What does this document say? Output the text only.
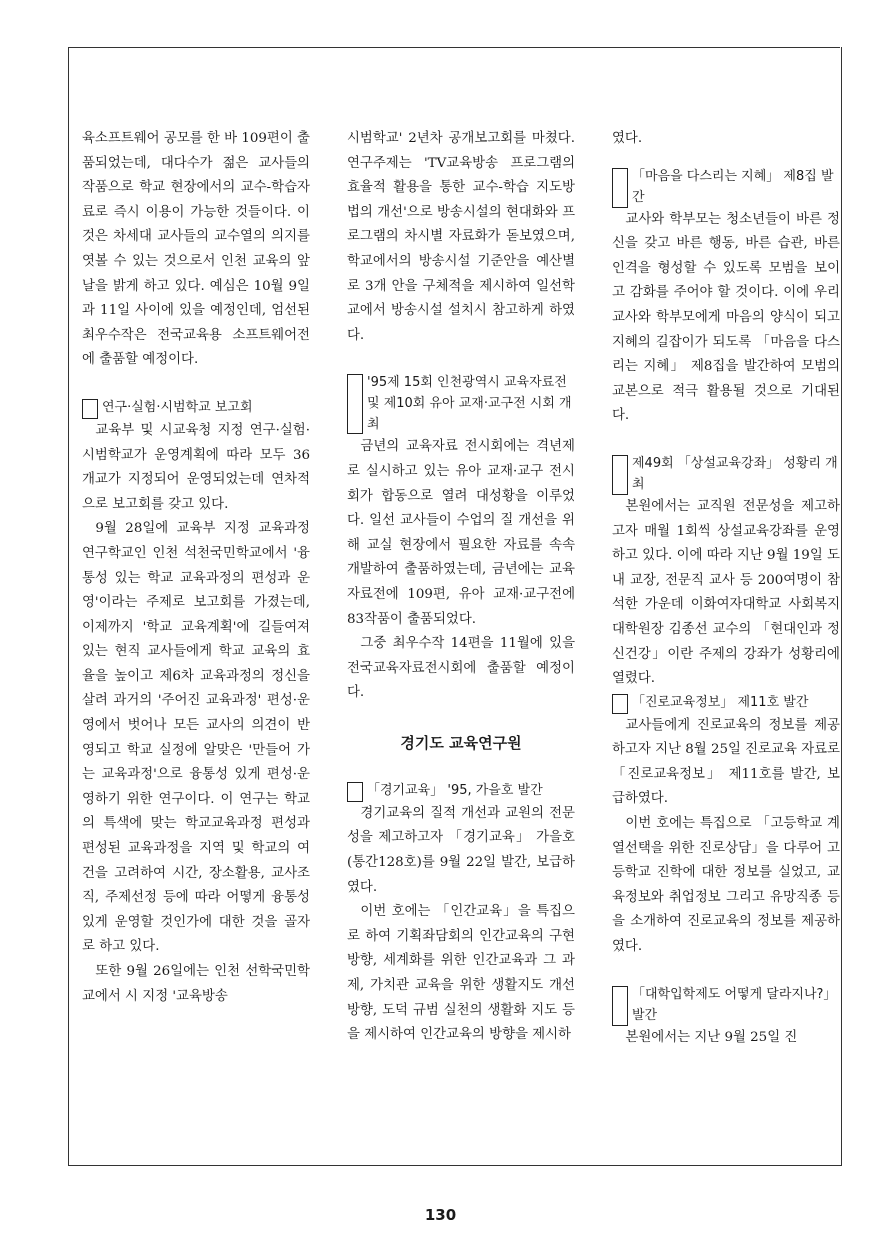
육소프트웨어 공모를 한 바 109편이 출품되었는데, 대다수가 젊은 교사들의 작품으로 학교 현장에서의 교수-학습자료로 즉시 이용이 가능한 것들이다. 이것은 차세대 교사들의 교수열의 의지를 엿볼 수 있는 것으로서 인천 교육의 앞날을 밝게 하고 있다. 예심은 10월 9일과 11일 사이에 있을 예정인데, 엄선된 최우수작은 전국교육용 소프트웨어전에 출품할 예정이다.

연구·실험·시범학교 보고회

교육부 및 시교육청 지정 연구·실험·시범학교가 운영계획에 따라 모두 36개교가 지정되어 운영되었는데 연차적으로 보고회를 갖고 있다.

9월 28일에 교육부 지정 교육과정 연구학교인 인천 석천국민학교에서 '융통성 있는 학교 교육과정의 편성과 운영'이라는 주제로 보고회를 가졌는데, 이제까지 '학교 교육계획'에 길들여져 있는 현직 교사들에게 학교 교육의 효율을 높이고 제6차 교육과정의 정신을 살려 과거의 '주어진 교육과정' 편성·운영에서 벗어나 모든 교사의 의견이 반영되고 학교 실정에 알맞은 '만들어 가는 교육과정'으로 융통성 있게 편성·운영하기 위한 연구이다. 이 연구는 학교의 특색에 맞는 학교교육과정 편성과 편성된 교육과정을 지역 및 학교의 여건을 고려하여 시간, 장소활용, 교사조직, 주제선정 등에 따라 어떻게 융통성 있게 운영할 것인가에 대한 것을 골자로 하고 있다.

또한 9월 26일에는 인천 선학국민학교에서 시 지정 '교육방송

시범학교' 2년차 공개보고회를 마쳤다. 연구주제는 'TV교육방송 프로그램의 효율적 활용을 통한 교수-학습 지도방법의 개선'으로 방송시설의 현대화와 프로그램의 차시별 자료화가 돋보였으며, 학교에서의 방송시설 기준안을 예산별로 3개 안을 구체적을 제시하여 일선학교에서 방송시설 설치시 참고하게 하였다.

'95제 15회 인천광역시 교육자료전 및 제10회 유아 교재·교구전 시회 개최

금년의 교육자료 전시회에는 격년제로 실시하고 있는 유아 교재·교구 전시회가 합동으로 열려 대성황을 이루었다. 일선 교사들이 수업의 질 개선을 위해 교실 현장에서 필요한 자료를 속속 개발하여 출품하였는데, 금년에는 교육자료전에 109편, 유아 교재·교구전에 83작품이 출품되었다.

그중 최우수작 14편을 11월에 있을 전국교육자료전시회에 출품할 예정이다.

경기도 교육연구원
「경기교육」 '95, 가을호 발간

경기교육의 질적 개선과 교원의 전문성을 제고하고자 「경기교육」 가을호(통간128호)를 9월 22일 발간, 보급하였다.

이번 호에는 「인간교육」을 특집으로 하여 기획좌담회의 인간교육의 구현방향, 세계화를 위한 인간교육과 그 과제, 가치관 교육을 위한 생활지도 개선 방향, 도덕 규범 실천의 생활화 지도 등을 제시하여 인간교육의 방향을 제시하

였다.

「마음을 다스리는 지혜」 제8집 발간

교사와 학부모는 청소년들이 바른 정신을 갖고 바른 행동, 바른 습관, 바른 인격을 형성할 수 있도록 모범을 보이고 감화를 주어야 할 것이다. 이에 우리 교사와 학부모에게 마음의 양식이 되고 지혜의 길잡이가 되도록 「마음을 다스리는 지혜」 제8집을 발간하여 모범의 교본으로 적극 활용될 것으로 기대된다.

제49회 「상설교육강좌」 성황리 개최

본원에서는 교직원 전문성을 제고하고자 매월 1회씩 상설교육강좌를 운영하고 있다. 이에 따라 지난 9월 19일 도내 교장, 전문직 교사 등 200여명이 참석한 가운데 이화여자대학교 사회복지대학원장 김종선 교수의 「현대인과 정신건강」이란 주제의 강좌가 성황리에 열렸다.

「진로교육정보」 제11호 발간

교사들에게 진로교육의 정보를 제공하고자 지난 8월 25일 진로교육 자료로 「진로교육정보」 제11호를 발간, 보급하였다.

이번 호에는 특집으로 「고등학교 계열선택을 위한 진로상담」을 다루어 고등학교 진학에 대한 정보를 실었고, 교육정보와 취업정보 그리고 유망직종 등을 소개하여 진로교육의 정보를 제공하였다.

「대학입학제도 어떻게 달라지나?」 발간

본원에서는 지난 9월 25일 진

130
